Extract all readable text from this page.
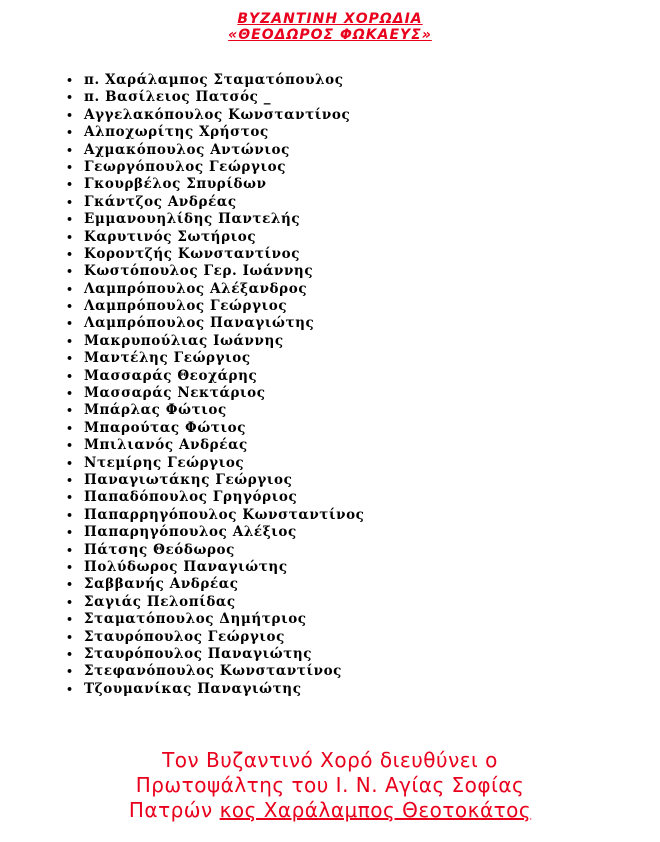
ΒΥΖΑΝΤΙΝΗ ΧΟΡΩΔΙΑ
«ΘΕΟΔΩΡΟΣ ΦΩΚΑΕΥΣ»
• π. Χαράλαμπος Σταματόπουλος
• π. Βασίλειος Πατσός _
• Αγγελακόπουλος Κωνσταντίνος
• Αλποχωρίτης Χρήστος
• Αχμακόπουλος Αντώνιος
• Γεωργόπουλος Γεώργιος
• Γκουρβέλος Σπυρίδων
• Γκάντζος Ανδρέας
• Εμμανουηλίδης Παντελής
• Καρυτινός Σωτήριος
• Κοροντζής Κωνσταντίνος
• Κωστόπουλος Γερ. Ιωάννης
• Λαμπρόπουλος Αλέξανδρος
• Λαμπρόπουλος Γεώργιος
• Λαμπρόπουλος Παναγιώτης
• Μακρυπούλιας Ιωάννης
• Μαντέλης Γεώργιος
• Μασσαράς Θεοχάρης
• Μασσαράς Νεκτάριος
• Μπάρλας Φώτιος
• Μπαρούτας Φώτιος
• Μπιλιανός Ανδρέας
• Ντεμίρης Γεώργιος
• Παναγιωτάκης Γεώργιος
• Παπαδόπουλος Γρηγόριος
• Παπαρρηγόπουλος Κωνσταντίνος
• Παπαρηγόπουλος Αλέξιος
• Πάτσης Θεόδωρος
• Πολύδωρος Παναγιώτης
• Σαββανής Ανδρέας
• Σαγιάς Πελοπίδας
• Σταματόπουλος Δημήτριος
• Σταυρόπουλος Γεώργιος
• Σταυρόπουλος Παναγιώτης
• Στεφανόπουλος Κωνσταντίνος
• Τζουμανίκας Παναγιώτης
Τον Βυζαντινό Χορό διευθύνει ο
Πρωτοψάλτης του Ι. Ν. Αγίας Σοφίας
Πατρών κος Χαράλαμπος Θεοτοκάτος
